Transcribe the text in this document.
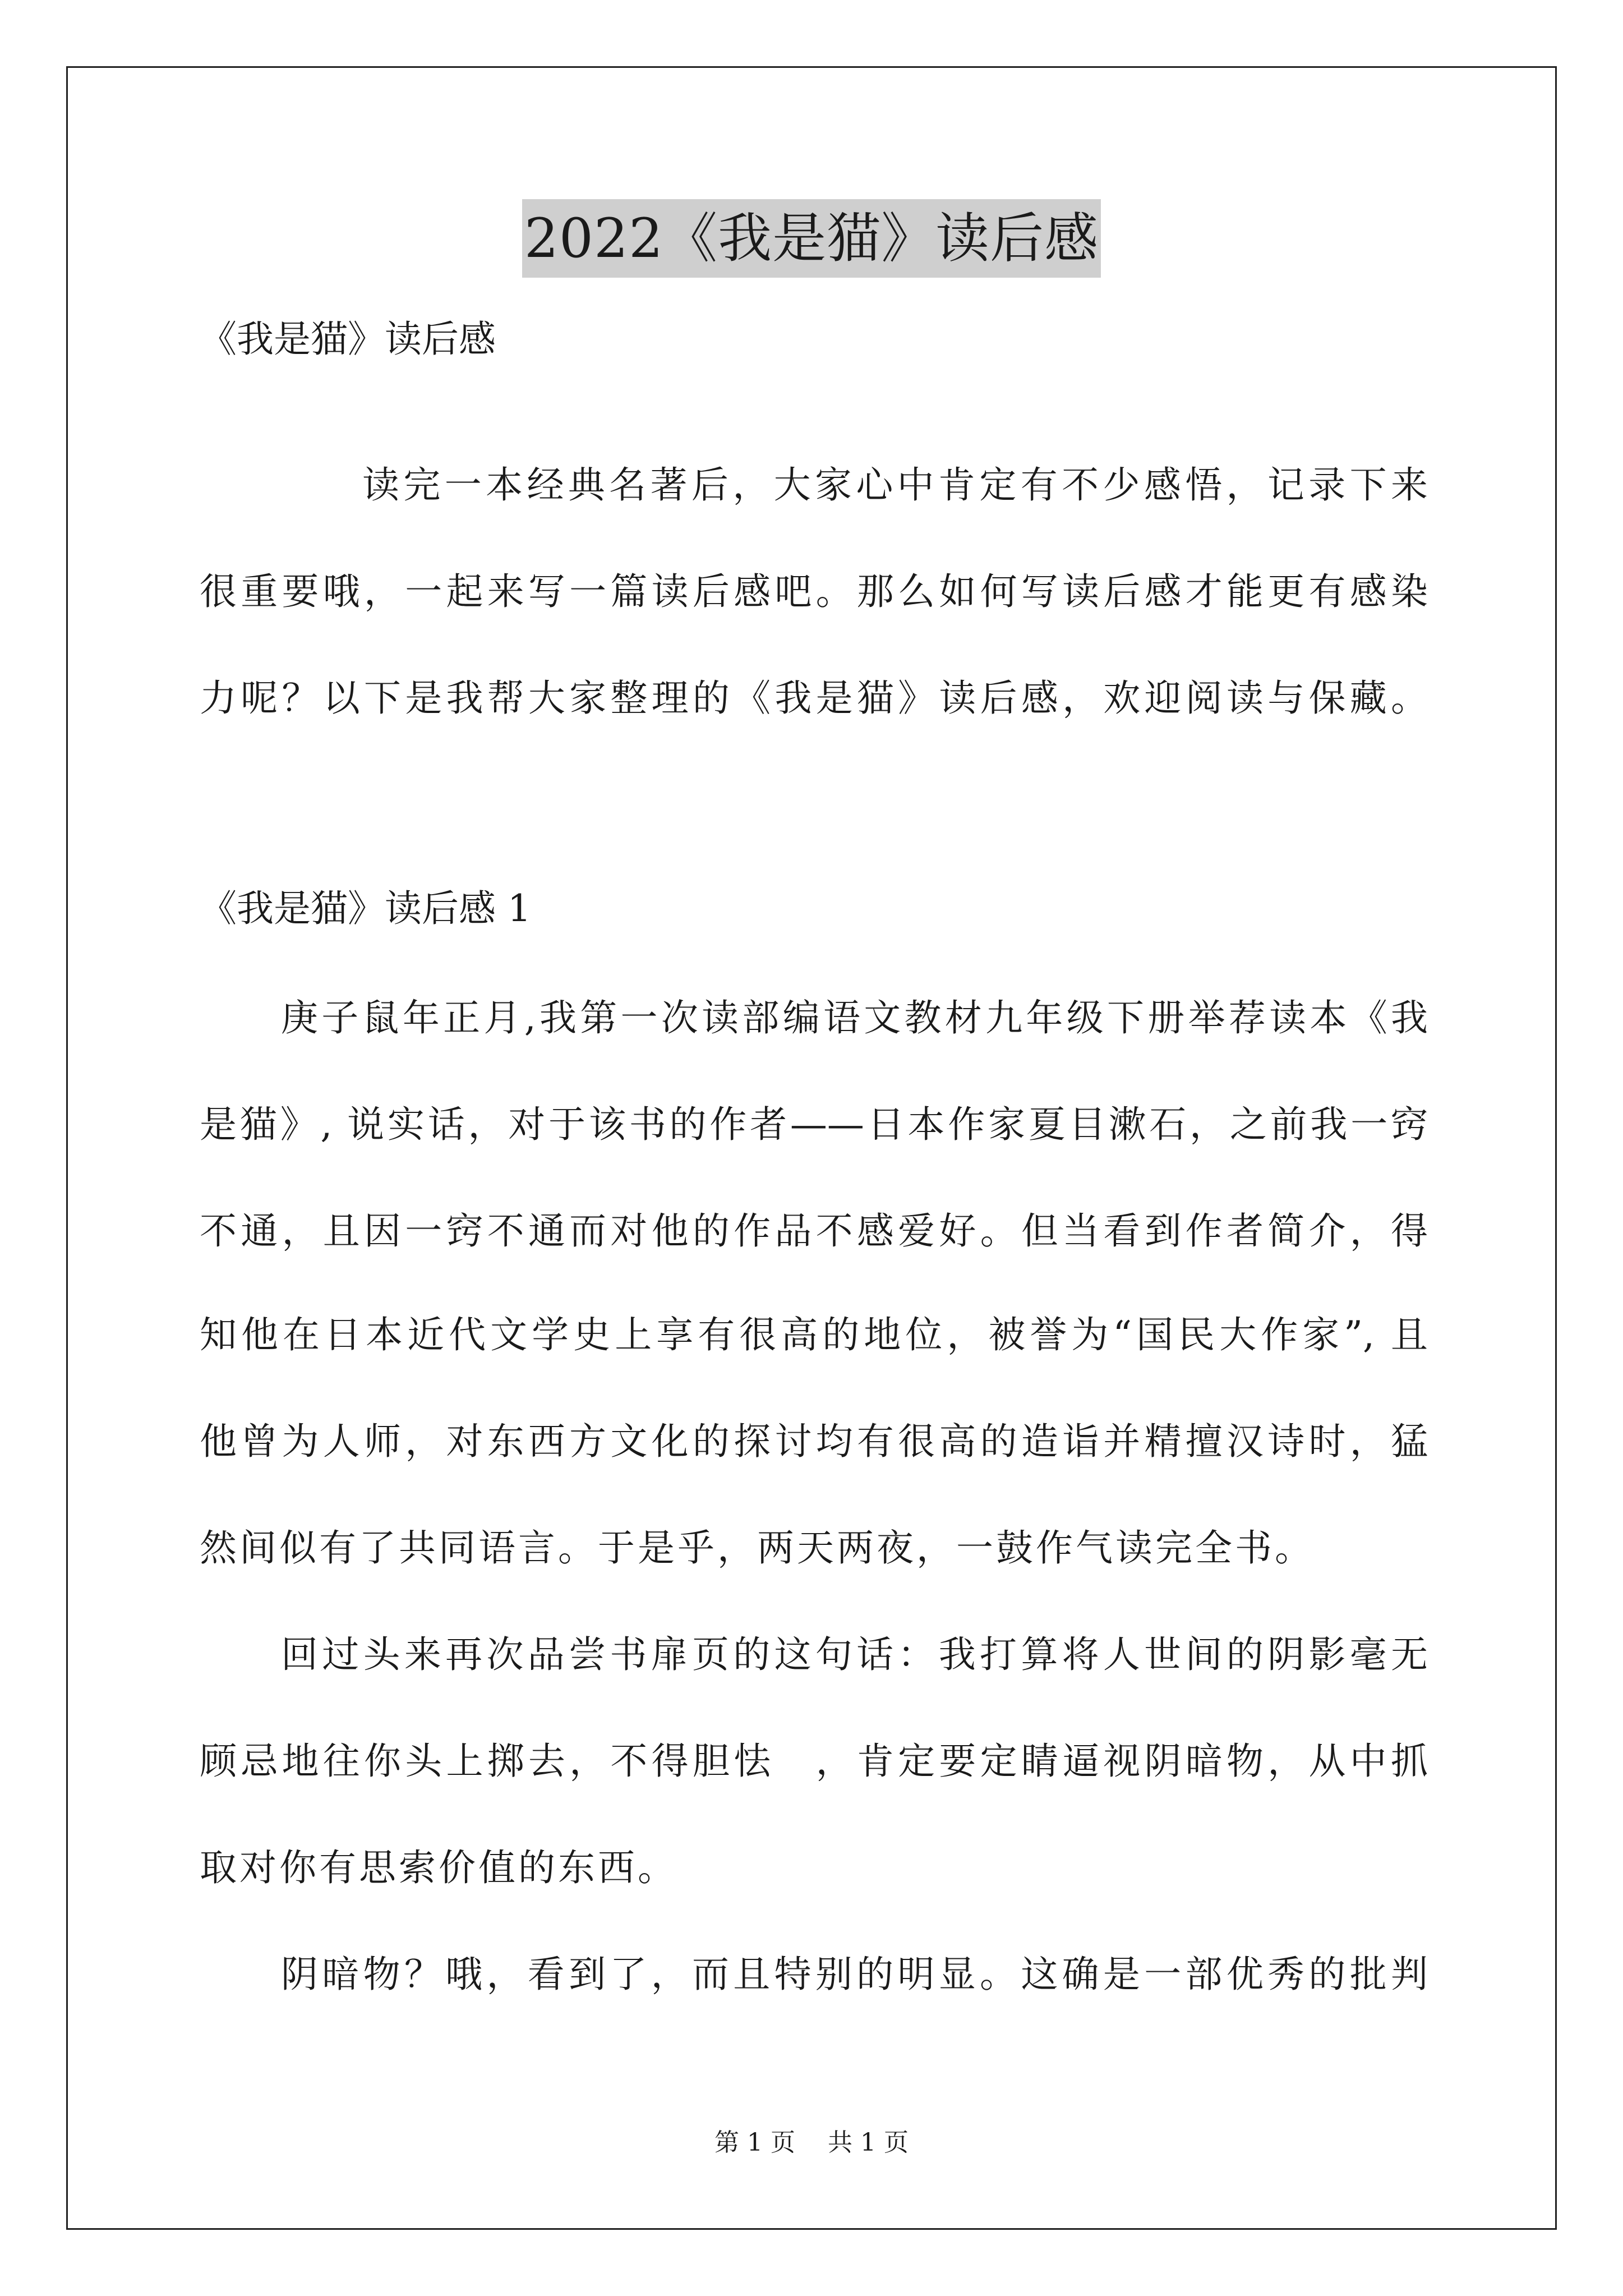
2022《我是猫》读后感
《我是猫》读后感
读完一本经典名著后，大家心中肯定有不少感悟，记录下来
很重要哦，一起来写一篇读后感吧。那么如何写读后感才能更有感染
力呢？以下是我帮大家整理的《我是猫》读后感，欢迎阅读与保藏。
《我是猫》读后感 1
庚子鼠年正月,我第一次读部编语文教材九年级下册举荐读本《我
是猫》, 说实话，对于该书的作者——日本作家夏目漱石，之前我一窍
不通，且因一窍不通而对他的作品不感爱好。但当看到作者简介，得
知他在日本近代文学史上享有很高的地位，被誉为“国民大作家”, 且
他曾为人师，对东西方文化的探讨均有很高的造诣并精擅汉诗时，猛
然间似有了共同语言。于是乎，两天两夜，一鼓作气读完全书。
回过头来再次品尝书扉页的这句话：我打算将人世间的阴影毫无
顾忌地往你头上掷去，不得胆怯　，肯定要定睛逼视阴暗物，从中抓
取对你有思索价值的东西。
阴暗物？哦，看到了，而且特别的明显。这确是一部优秀的批判
第 1 页　 共 1 页
